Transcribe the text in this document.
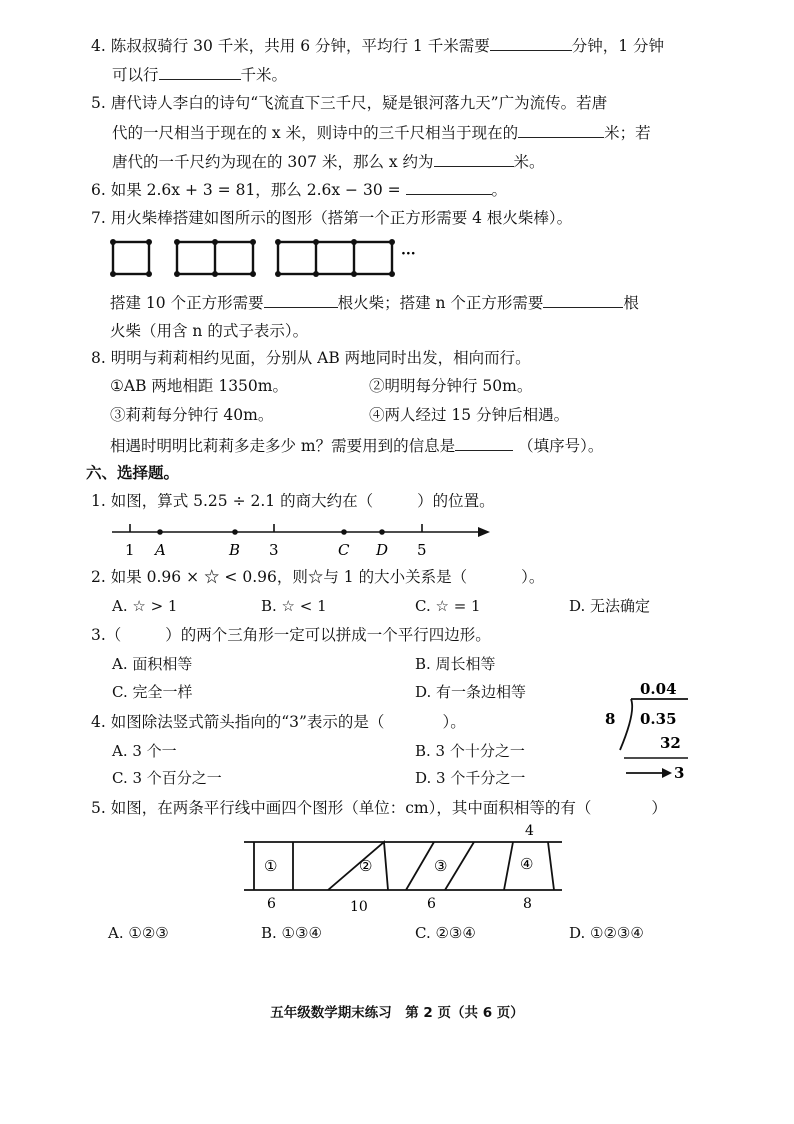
4. 陈叔叔骑行 30 千米，共用 6 分钟，平均行 1 千米需要	分钟，1 分钟
可以行	千米。
5. 唐代诗人李白的诗句“飞流直下三千尺，疑是银河落九天”广为流传。若唐
代的一尺相当于现在的 x 米，则诗中的三千尺相当于现在的	米；若
唐代的一千尺约为现在的 307 米，那么 x 约为	米。
6. 如果 2.6x + 3 = 81，那么 2.6x − 30 =	。
7. 用火柴棒搭建如图所示的图形（搭第一个正方形需要 4 根火柴棒）。
···
搭建 10 个正方形需要	根火柴；搭建 n 个正方形需要	根
火柴（用含 n 的式子表示）。
8. 明明与莉莉相约见面，分别从 AB 两地同时出发，相向而行。
①AB 两地相距 1350m。	②明明每分钟行 50m。
③莉莉每分钟行 40m。	④两人经过 15 分钟后相遇。
相遇时明明比莉莉多走多少 m？需要用到的信息是	（填序号）。
六、选择题。
1. 如图，算式 5.25 ÷ 2.1 的商大约在（	）的位置。
1 A	B 3	C D 5
2. 如果 0.96 × ☆ < 0.96，则☆与 1 的大小关系是（	）。
A. ☆ > 1	B. ☆ < 1	C. ☆ = 1	D. 无法确定
3.（	）的两个三角形一定可以拼成一个平行四边形。
A. 面积相等	B. 周长相等
C. 完全一样	D. 有一条边相等	0.04
8 0.35
32
3
4. 如图除法竖式箭头指向的“3”表示的是（	）。
A. 3 个一	B. 3 个十分之一
C. 3 个百分之一	D. 3 个千分之一
5. 如图，在两条平行线中画四个图形（单位：cm），其中面积相等的有（	）
4
①	②	③	④
6	10	6	8
A. ①②③	B. ①③④	C. ②③④	D. ①②③④
五年级数学期末练习　第 2 页（共 6 页）
